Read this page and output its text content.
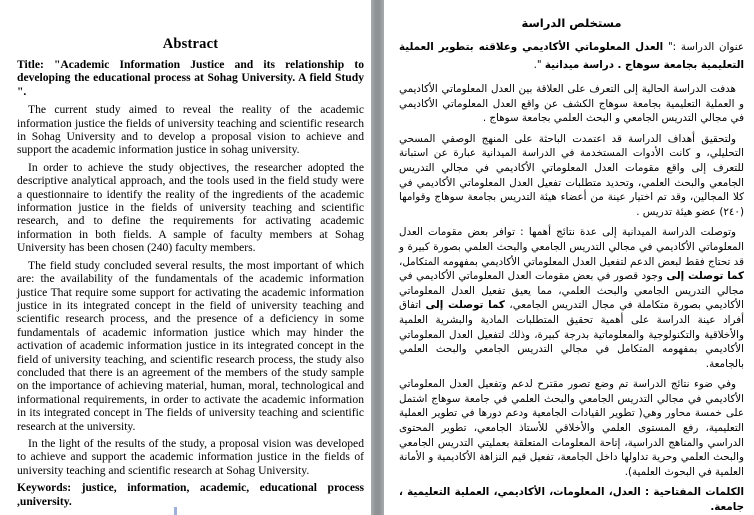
Abstract

Title: "Academic Information Justice and its relationship to developing the educational process at Sohag University. A field Study ".

The current study aimed to reveal the reality of the academic information justice the fields of university teaching and scientific research in Sohag University and to develop a proposal vision to achieve and support the academic information justice in sohag university.

In order to achieve the study objectives, the researcher adopted the descriptive analytical approach, and the tools used in the field study were a questionnaire to identify the reality of the ingredients of the academic information justice in the fields of university teaching and scientific research, and to define the requirements for activating academic information in both fields. A sample of faculty members at Sohag University has been chosen (240) faculty members.

The field study concluded several results, the most important of which are: the availability of the fundamentals of the academic information justice That require some support for activating the academic information justice in its integrated concept in the field of university teaching and scientific research process, and the presence of a deficiency in some fundamentals of academic information justice which may hinder the activation of academic information justice in its integrated concept in the field of university teaching, and scientific research process, the study also concluded that there is an agreement of the members of the study sample on the importance of achieving material, human, moral, technological and informational requirements, in order to activate the academic information in its integrated concept in The fields of university teaching and scientific research at the university.

In the light of the results of the study, a proposal vision was developed to achieve and support the academic information justice in the fields of university teaching and scientific research at Sohag University.

Keywords: justice, information, academic, educational process ,university.

مستخلص الدراسة

عنوان الدراسة :" العدل المعلوماتي الأكاديمي وعلاقته بتطوير العملية التعليمية بجامعة سوهاج . دراسة ميدانية ".

هدفت الدراسة الحالية إلى التعرف على العلاقة بين العدل المعلوماتي الأكاديمي و العملية التعليمية بجامعة سوهاج الكشف عن واقع العدل المعلوماتي الأكاديمي في مجالي التدريس الجامعي و البحث العلمي بجامعة سوهاج .

ولتحقيق أهداف الدراسة قد اعتمدت الباحثة على المنهج الوصفي المسحي التحليلي، و كانت الأدوات المستخدمة في الدراسة الميدانية عبارة عن استبانة للتعرف إلى واقع مقومات العدل المعلوماتي الأكاديمي في مجالي التدريس الجامعي والبحث العلمي، وتحديد متطلبات تفعيل العدل المعلوماتي الأكاديمي في كلا المجالين، وقد تم اختيار عينة من أعضاء هيئة التدريس بجامعة سوهاج وقوامها (٢٤٠) عضو هيئة تدريس .

وتوصلت الدراسة الميدانية إلى عدة نتائج أهمها : توافر بعض مقومات العدل المعلوماتي الأكاديمي في مجالي التدريس الجامعي والبحث العلمي بصورة كبيرة و قد تحتاج فقط لبعض الدعم لتفعيل العدل المعلوماتي الأكاديمي بمفهومه المتكامل، كما توصلت إلى وجود قصور في بعض مقومات العدل المعلوماتي الأكاديمي في مجالي التدريس الجامعي والبحث العلمي، مما يعيق تفعيل العدل المعلوماتي الأكاديمي بصورة متكاملة في مجال التدريس الجامعي، كما توصلت إلى اتفاق أفراد عينة الدراسة على أهمية تحقيق المتطلبات المادية والبشرية العلمية والأخلاقية والتكنولوجية والمعلوماتية بدرجة كبيرة، وذلك لتفعيل العدل المعلوماتي الأكاديمي بمفهومه المتكامل في مجالي التدريس الجامعي والبحث العلمي بالجامعة.

وفي ضوء نتائج الدراسة تم وضع تصور مقترح لدعم وتفعيل العدل المعلوماتي الأكاديمي في مجالي التدريس الجامعي والبحث العلمي في جامعة سوهاج اشتمل على خمسة محاور وهي( تطوير القيادات الجامعية ودعم دورها في تطوير العملية التعليمية، رفع المستوى العلمي والأخلاقي للأستاذ الجامعي، تطوير المحتوى الدراسي والمناهج الدراسية، إتاحة المعلومات المتعلقة بعمليتي التدريس الجامعي والبحث العلمي وحرية تداولها داخل الجامعة، تفعيل قيم النزاهة الأكاديمية و الأمانة العلمية في البحوث العلمية).

الكلمات المفتاحية : العدل، المعلومات، الأكاديمي، العملية التعليمية ، جامعة.
